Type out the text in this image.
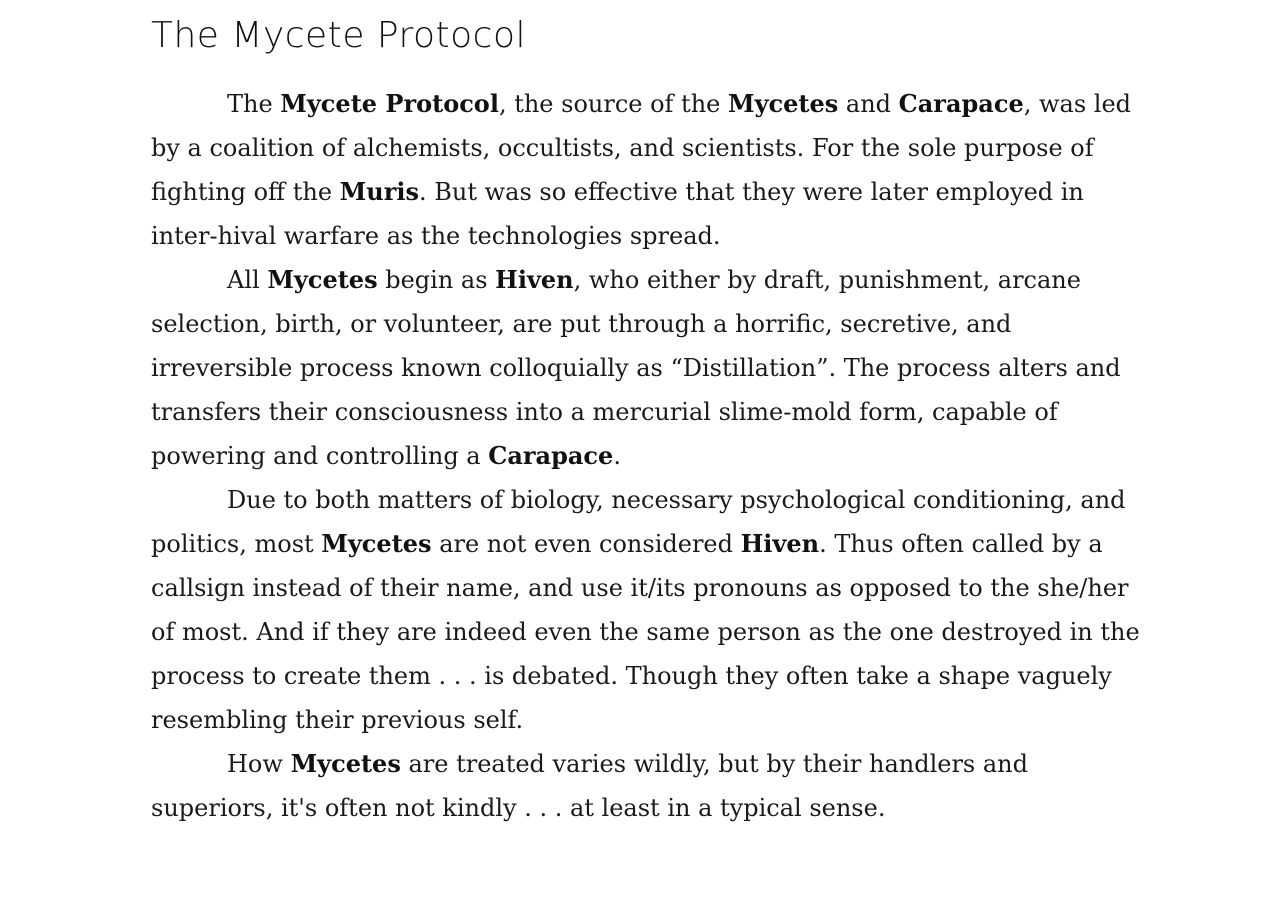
The Mycete Protocol

The Mycete Protocol, the source of the Mycetes and Carapace, was led by a coalition of alchemists, occultists, and scientists. For the sole purpose of fighting off the Muris. But was so effective that they were later employed in inter-hival warfare as the technologies spread.

All Mycetes begin as Hiven, who either by draft, punishment, arcane selection, birth, or volunteer, are put through a horrific, secretive, and irreversible process known colloquially as “Distillation”. The process alters and transfers their consciousness into a mercurial slime-mold form, capable of powering and controlling a Carapace.

Due to both matters of biology, necessary psychological conditioning, and politics, most Mycetes are not even considered Hiven. Thus often called by a callsign instead of their name, and use it/its pronouns as opposed to the she/her of most. And if they are indeed even the same person as the one destroyed in the process to create them . . . is debated. Though they often take a shape vaguely resembling their previous self.

How Mycetes are treated varies wildly, but by their handlers and superiors, it's often not kindly . . . at least in a typical sense.
